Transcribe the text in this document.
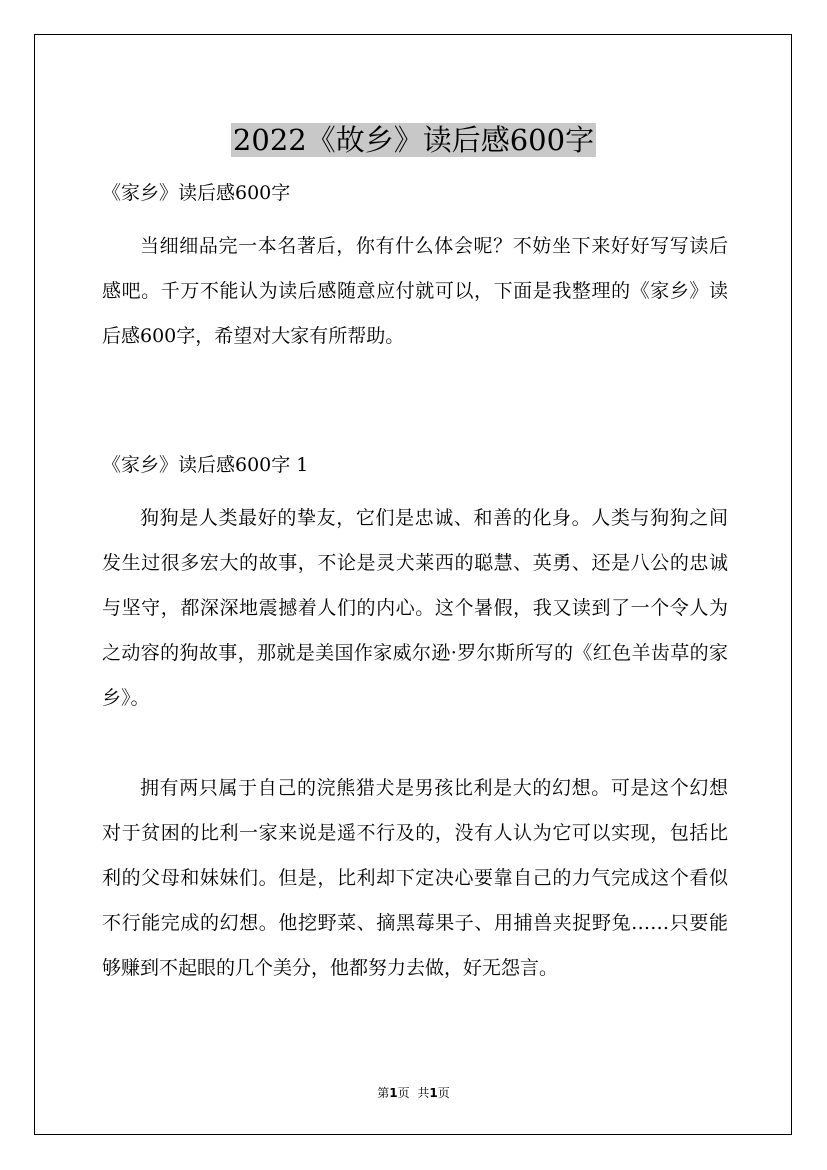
2022《故乡》读后感600字

《家乡》读后感600字

当细细品完一本名著后，你有什么体会呢？不妨坐下来好好写写读后感吧。千万不能认为读后感随意应付就可以，下面是我整理的《家乡》读后感600字，希望对大家有所帮助。

《家乡》读后感600字 1

狗狗是人类最好的挚友，它们是忠诚、和善的化身。人类与狗狗之间发生过很多宏大的故事，不论是灵犬莱西的聪慧、英勇、还是八公的忠诚与坚守，都深深地震撼着人们的内心。这个暑假，我又读到了一个令人为之动容的狗故事，那就是美国作家威尔逊·罗尔斯所写的《红色羊齿草的家乡》。

拥有两只属于自己的浣熊猎犬是男孩比利是大的幻想。可是这个幻想对于贫困的比利一家来说是遥不行及的，没有人认为它可以实现，包括比利的父母和妹妹们。但是，比利却下定决心要靠自己的力气完成这个看似不行能完成的幻想。他挖野菜、摘黑莓果子、用捕兽夹捉野兔……只要能够赚到不起眼的几个美分，他都努力去做，好无怨言。

第1页 共1页
